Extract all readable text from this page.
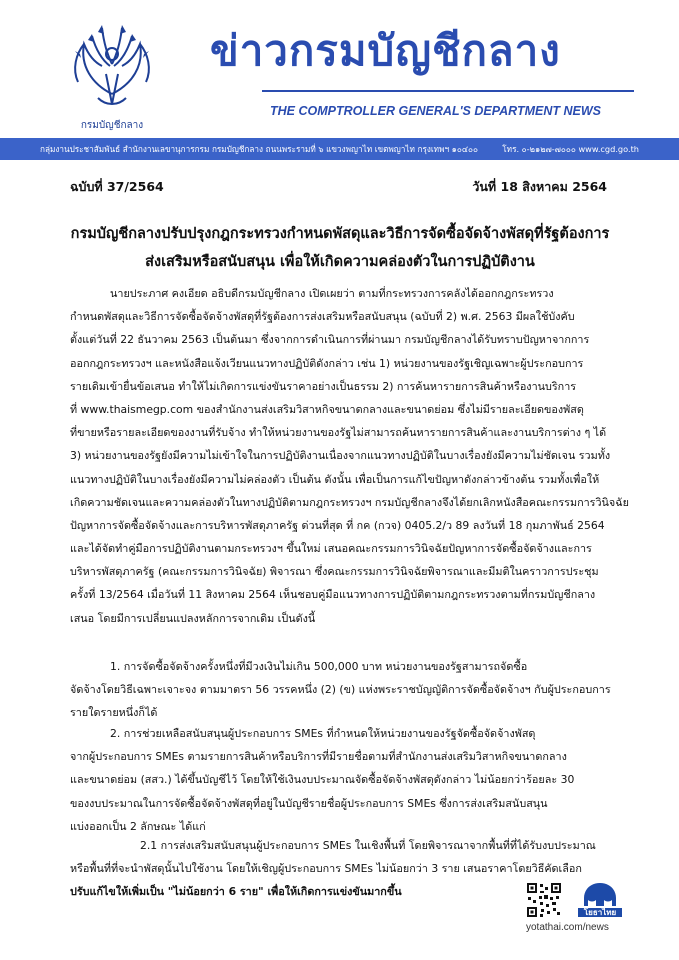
กรมบัญชีกลาง
ข่าวกรมบัญชีกลาง
THE COMPTROLLER GENERAL'S DEPARTMENT NEWS
กลุ่มงานประชาสัมพันธ์ สำนักงานเลขานุการกรม กรมบัญชีกลาง ถนนพระรามที่ ๖ แขวงพญาไท เขตพญาไท กรุงเทพฯ ๑๐๔๐๐	โทร. ๐-๒๑๒๗-๗๐๐๐ www.cgd.go.th
ฉบับที่ 37/2564	วันที่ 18 สิงหาคม 2564
กรมบัญชีกลางปรับปรุงกฎกระทรวงกำหนดพัสดุและวิธีการจัดซื้อจัดจ้างพัสดุที่รัฐต้องการ
ส่งเสริมหรือสนับสนุน เพื่อให้เกิดความคล่องตัวในการปฏิบัติงาน
นายประภาศ คงเอียด อธิบดีกรมบัญชีกลาง เปิดเผยว่า ตามที่กระทรวงการคลังได้ออกกฎกระทรวง
กำหนดพัสดุและวิธีการจัดซื้อจัดจ้างพัสดุที่รัฐต้องการส่งเสริมหรือสนับสนุน (ฉบับที่ 2) พ.ศ. 2563 มีผลใช้บังคับ
ตั้งแต่วันที่ 22 ธันวาคม 2563 เป็นต้นมา ซึ่งจากการดำเนินการที่ผ่านมา กรมบัญชีกลางได้รับทราบปัญหาจากการ
ออกกฎกระทรวงฯ และหนังสือแจ้งเวียนแนวทางปฏิบัติดังกล่าว เช่น 1) หน่วยงานของรัฐเชิญเฉพาะผู้ประกอบการ
รายเดิมเข้ายื่นข้อเสนอ ทำให้ไม่เกิดการแข่งขันราคาอย่างเป็นธรรม 2) การค้นหารายการสินค้าหรืองานบริการ
ที่ www.thaismegp.com ของสำนักงานส่งเสริมวิสาหกิจขนาดกลางและขนาดย่อม ซึ่งไม่มีรายละเอียดของพัสดุ
ที่ขายหรือรายละเอียดของงานที่รับจ้าง ทำให้หน่วยงานของรัฐไม่สามารถค้นหารายการสินค้าและงานบริการต่าง ๆ ได้
3) หน่วยงานของรัฐยังมีความไม่เข้าใจในการปฏิบัติงานเนื่องจากแนวทางปฏิบัติในบางเรื่องยังมีความไม่ชัดเจน รวมทั้ง
แนวทางปฏิบัติในบางเรื่องยังมีความไม่คล่องตัว เป็นต้น ดังนั้น เพื่อเป็นการแก้ไขปัญหาดังกล่าวข้างต้น รวมทั้งเพื่อให้
เกิดความชัดเจนและความคล่องตัวในทางปฏิบัติตามกฎกระทรวงฯ กรมบัญชีกลางจึงได้ยกเลิกหนังสือคณะกรรมการวินิจฉัย
ปัญหาการจัดซื้อจัดจ้างและการบริหารพัสดุภาครัฐ ด่วนที่สุด ที่ กค (กวจ) 0405.2/ว 89 ลงวันที่ 18 กุมภาพันธ์ 2564
และได้จัดทำคู่มือการปฏิบัติงานตามกระทรวงฯ ขึ้นใหม่ เสนอคณะกรรมการวินิจฉัยปัญหาการจัดซื้อจัดจ้างและการ
บริหารพัสดุภาครัฐ (คณะกรรมการวินิจฉัย) พิจารณา ซึ่งคณะกรรมการวินิจฉัยพิจารณาและมีมติในคราวการประชุม
ครั้งที่ 13/2564 เมื่อวันที่ 11 สิงหาคม 2564 เห็นชอบคู่มือแนวทางการปฏิบัติตามกฎกระทรวงตามที่กรมบัญชีกลาง
เสนอ โดยมีการเปลี่ยนแปลงหลักการจากเดิม เป็นดังนี้
1. การจัดซื้อจัดจ้างครั้งหนึ่งที่มีวงเงินไม่เกิน 500,000 บาท หน่วยงานของรัฐสามารถจัดซื้อ
จัดจ้างโดยวิธีเฉพาะเจาะจง ตามมาตรา 56 วรรคหนึ่ง (2) (ข) แห่งพระราชบัญญัติการจัดซื้อจัดจ้างฯ กับผู้ประกอบการ
รายใดรายหนึ่งก็ได้
2. การช่วยเหลือสนับสนุนผู้ประกอบการ SMEs ที่กำหนดให้หน่วยงานของรัฐจัดซื้อจัดจ้างพัสดุ
จากผู้ประกอบการ SMEs ตามรายการสินค้าหรือบริการที่มีรายชื่อตามที่สำนักงานส่งเสริมวิสาหกิจขนาดกลาง
และขนาดย่อม (สสว.) ได้ขึ้นบัญชีไว้ โดยให้ใช้เงินงบประมาณจัดซื้อจัดจ้างพัสดุดังกล่าว ไม่น้อยกว่าร้อยละ 30
ของงบประมาณในการจัดซื้อจัดจ้างพัสดุที่อยู่ในบัญชีรายชื่อผู้ประกอบการ SMEs ซึ่งการส่งเสริมสนับสนุน
แบ่งออกเป็น 2 ลักษณะ ได้แก่
2.1 การส่งเสริมสนับสนุนผู้ประกอบการ SMEs ในเชิงพื้นที่ โดยพิจารณาจากพื้นที่ที่ได้รับงบประมาณ
หรือพื้นที่ที่จะนำพัสดุนั้นไปใช้งาน โดยให้เชิญผู้ประกอบการ SMEs ไม่น้อยกว่า 3 ราย เสนอราคาโดยวิธีคัดเลือก
ปรับแก้ไขให้เพิ่มเป็น "ไม่น้อยกว่า 6 ราย" เพื่อให้เกิดการแข่งขันมากขึ้น
โยธาไทย
yotathai.com/news
